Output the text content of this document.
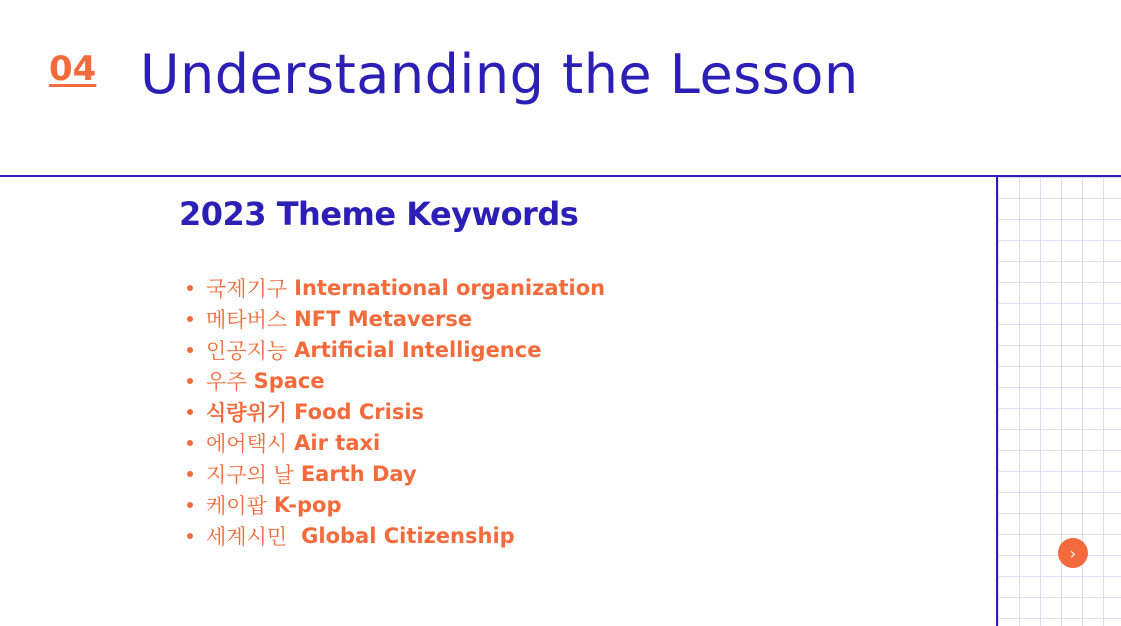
04 Understanding the Lesson
›
2023 Theme Keywords
국제기구 International organization
메타버스 NFT Metaverse
인공지능 Artificial Intelligence
우주 Space
식량위기 Food Crisis
에어택시 Air taxi
지구의 날 Earth Day
케이팝 K-pop
세계시민 Global Citizenship
